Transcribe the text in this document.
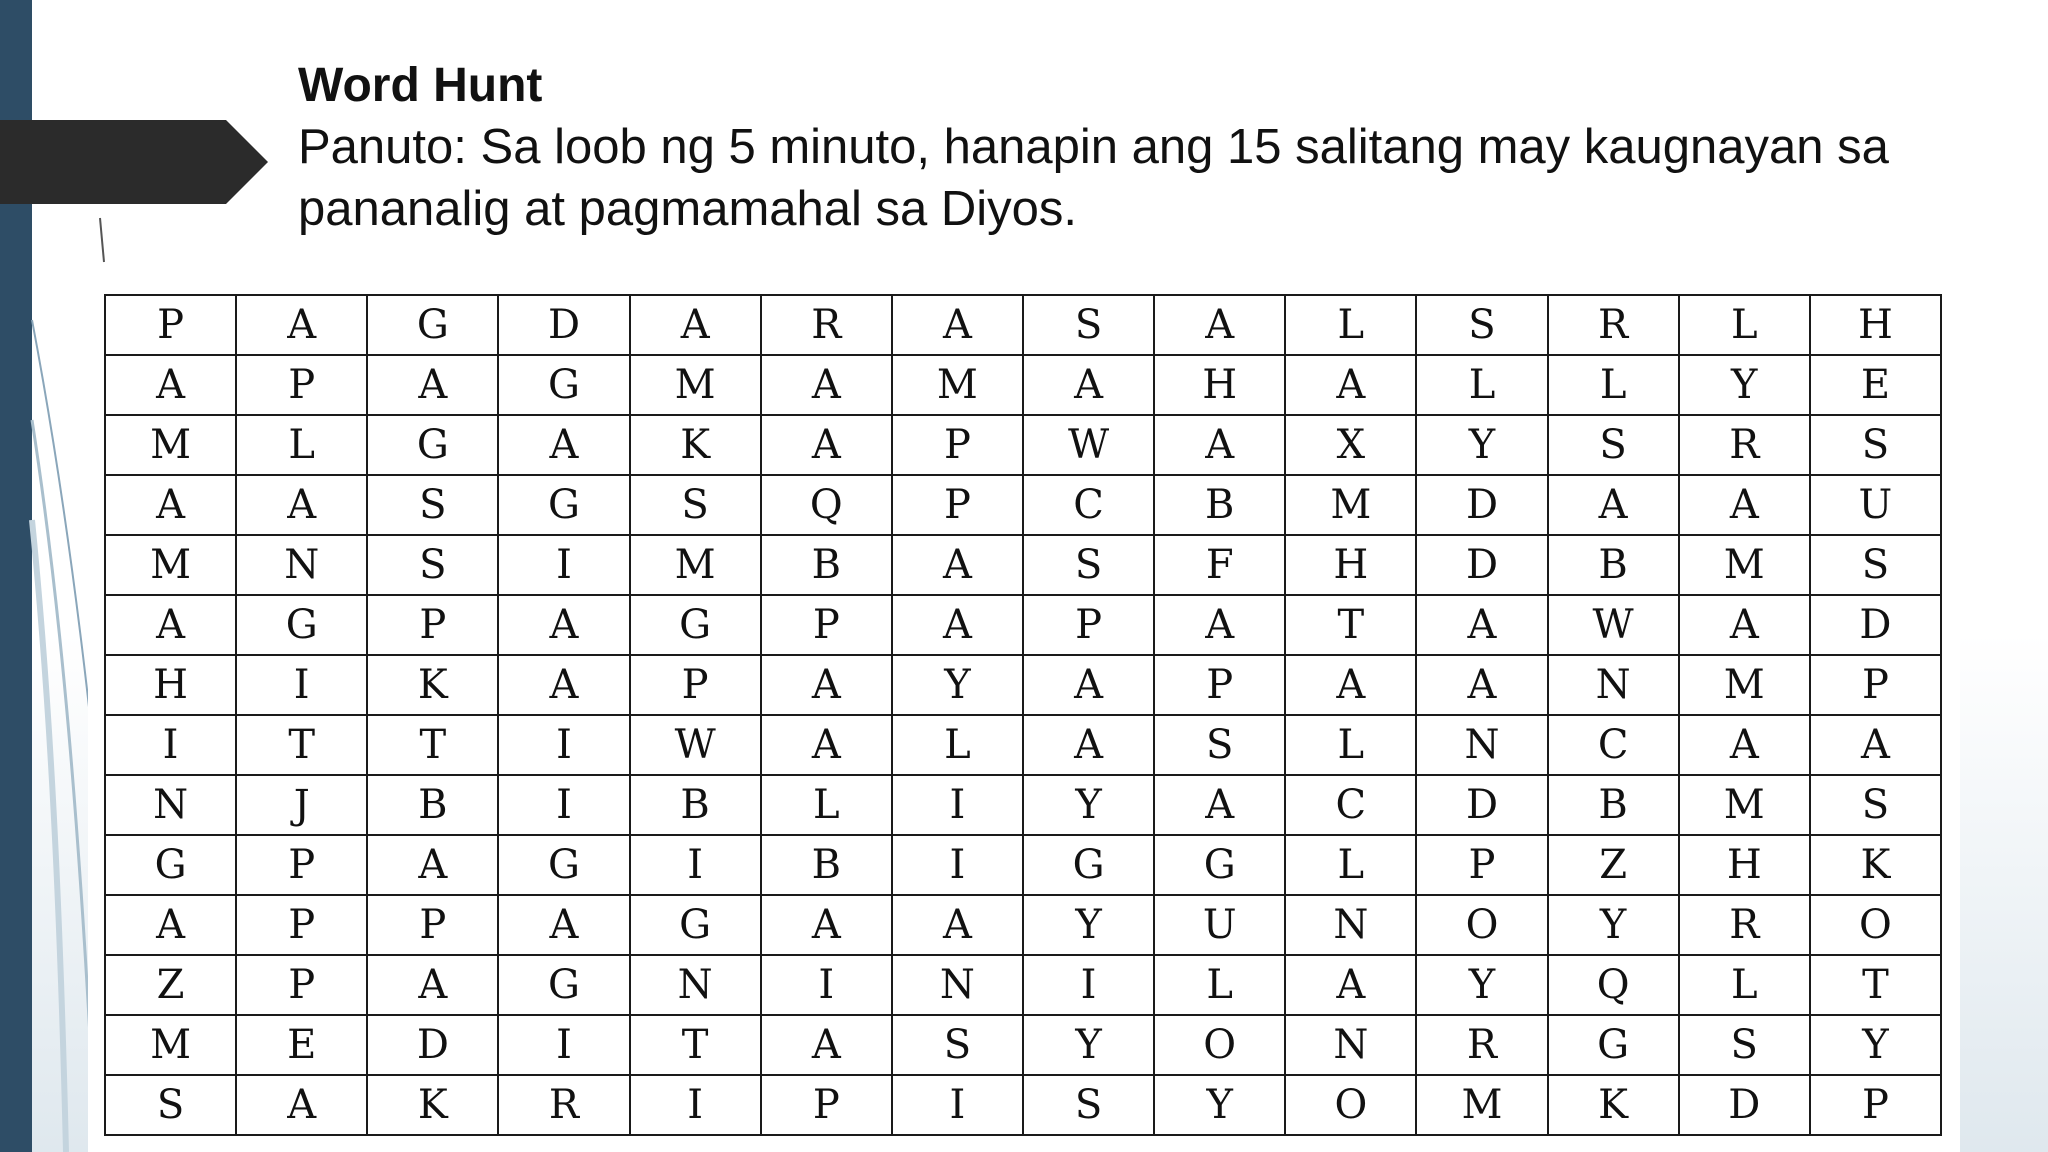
Word Hunt
Panuto: Sa loob ng 5 minuto, hanapin ang 15 salitang may kaugnayan sa pananalig at pagmamahal sa Diyos.
P	A	G	D	A	R	A	S	A	L	S	R	L	H
A	P	A	G	M	A	M	A	H	A	L	L	Y	E
M	L	G	A	K	A	P	W	A	X	Y	S	R	S
A	A	S	G	S	Q	P	C	B	M	D	A	A	U
M	N	S	I	M	B	A	S	F	H	D	B	M	S
A	G	P	A	G	P	A	P	A	T	A	W	A	D
H	I	K	A	P	A	Y	A	P	A	A	N	M	P
I	T	T	I	W	A	L	A	S	L	N	C	A	A
N	J	B	I	B	L	I	Y	A	C	D	B	M	S
G	P	A	G	I	B	I	G	G	L	P	Z	H	K
A	P	P	A	G	A	A	Y	U	N	O	Y	R	O
Z	P	A	G	N	I	N	I	L	A	Y	Q	L	T
M	E	D	I	T	A	S	Y	O	N	R	G	S	Y
S	A	K	R	I	P	I	S	Y	O	M	K	D	P
